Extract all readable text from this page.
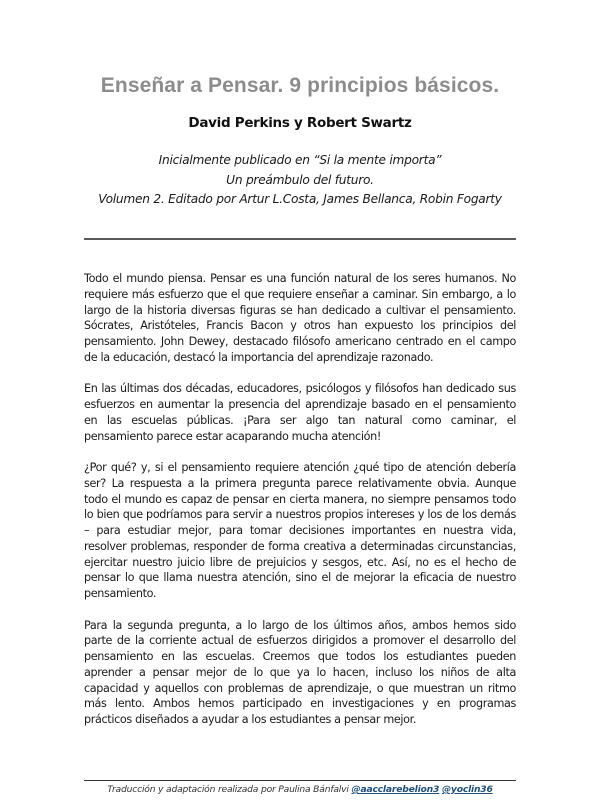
Enseñar a Pensar. 9 principios básicos.
David Perkins y Robert Swartz
Inicialmente publicado en “Si la mente importa”
Un preámbulo del futuro.
Volumen 2. Editado por Artur L.Costa, James Bellanca, Robin Fogarty

Todo el mundo piensa. Pensar es una función natural de los seres humanos. No requiere más esfuerzo que el que requiere enseñar a caminar. Sin embargo, a lo largo de la historia diversas figuras se han dedicado a cultivar el pensamiento. Sócrates, Aristóteles, Francis Bacon y otros han expuesto los principios del pensamiento. John Dewey, destacado filósofo americano centrado en el campo de la educación, destacó la importancia del aprendizaje razonado.

En las últimas dos décadas, educadores, psicólogos y filósofos han dedicado sus esfuerzos en aumentar la presencia del aprendizaje basado en el pensamiento en las escuelas públicas. ¡Para ser algo tan natural como caminar, el pensamiento parece estar acaparando mucha atención!

¿Por qué? y, si el pensamiento requiere atención ¿qué tipo de atención debería ser? La respuesta a la primera pregunta parece relativamente obvia. Aunque todo el mundo es capaz de pensar en cierta manera, no siempre pensamos todo lo bien que podríamos para servir a nuestros propios intereses y los de los demás – para estudiar mejor, para tomar decisiones importantes en nuestra vida, resolver problemas, responder de forma creativa a determinadas circunstancias, ejercitar nuestro juicio libre de prejuicios y sesgos, etc. Así, no es el hecho de pensar lo que llama nuestra atención, sino el de mejorar la eficacia de nuestro pensamiento.

Para la segunda pregunta, a lo largo de los últimos años, ambos hemos sido parte de la corriente actual de esfuerzos dirigidos a promover el desarrollo del pensamiento en las escuelas. Creemos que todos los estudiantes pueden aprender a pensar mejor de lo que ya lo hacen, incluso los niños de alta capacidad y aquellos con problemas de aprendizaje, o que muestran un ritmo más lento. Ambos hemos participado en investigaciones y en programas prácticos diseñados a ayudar a los estudiantes a pensar mejor.

Traducción y adaptación realizada por Paulina Bánfalvi @aacclarebelion3 @yoclin36
